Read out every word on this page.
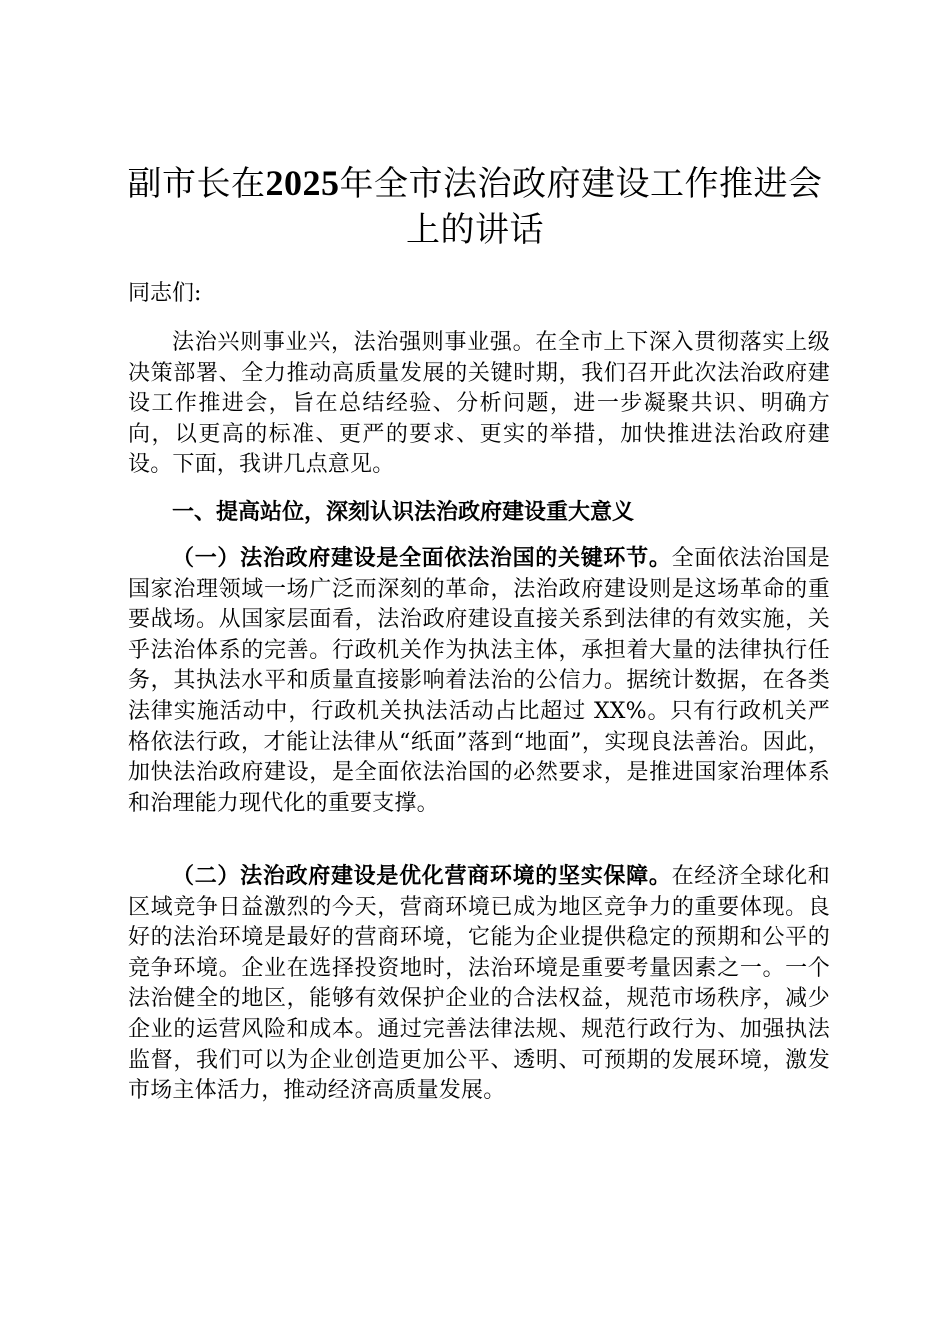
副市长在2025年全市法治政府建设工作推进会上的讲话
同志们:
法治兴则事业兴，法治强则事业强。在全市上下深入贯彻落实上级决策部署、全力推动高质量发展的关键时期，我们召开此次法治政府建设工作推进会，旨在总结经验、分析问题，进一步凝聚共识、明确方向，以更高的标准、更严的要求、更实的举措，加快推进法治政府建设。下面，我讲几点意见。
一、提高站位，深刻认识法治政府建设重大意义
（一）法治政府建设是全面依法治国的关键环节。全面依法治国是国家治理领域一场广泛而深刻的革命，法治政府建设则是这场革命的重要战场。从国家层面看，法治政府建设直接关系到法律的有效实施，关乎法治体系的完善。行政机关作为执法主体，承担着大量的法律执行任务，其执法水平和质量直接影响着法治的公信力。据统计数据，在各类法律实施活动中，行政机关执法活动占比超过 XX%。只有行政机关严格依法行政，才能让法律从“纸面”落到“地面”，实现良法善治。因此，加快法治政府建设，是全面依法治国的必然要求，是推进国家治理体系和治理能力现代化的重要支撑。
（二）法治政府建设是优化营商环境的坚实保障。在经济全球化和区域竞争日益激烈的今天，营商环境已成为地区竞争力的重要体现。良好的法治环境是最好的营商环境，它能为企业提供稳定的预期和公平的竞争环境。企业在选择投资地时，法治环境是重要考量因素之一。一个法治健全的地区，能够有效保护企业的合法权益，规范市场秩序，减少企业的运营风险和成本。通过完善法律法规、规范行政行为、加强执法监督，我们可以为企业创造更加公平、透明、可预期的发展环境，激发市场主体活力，推动经济高质量发展。
